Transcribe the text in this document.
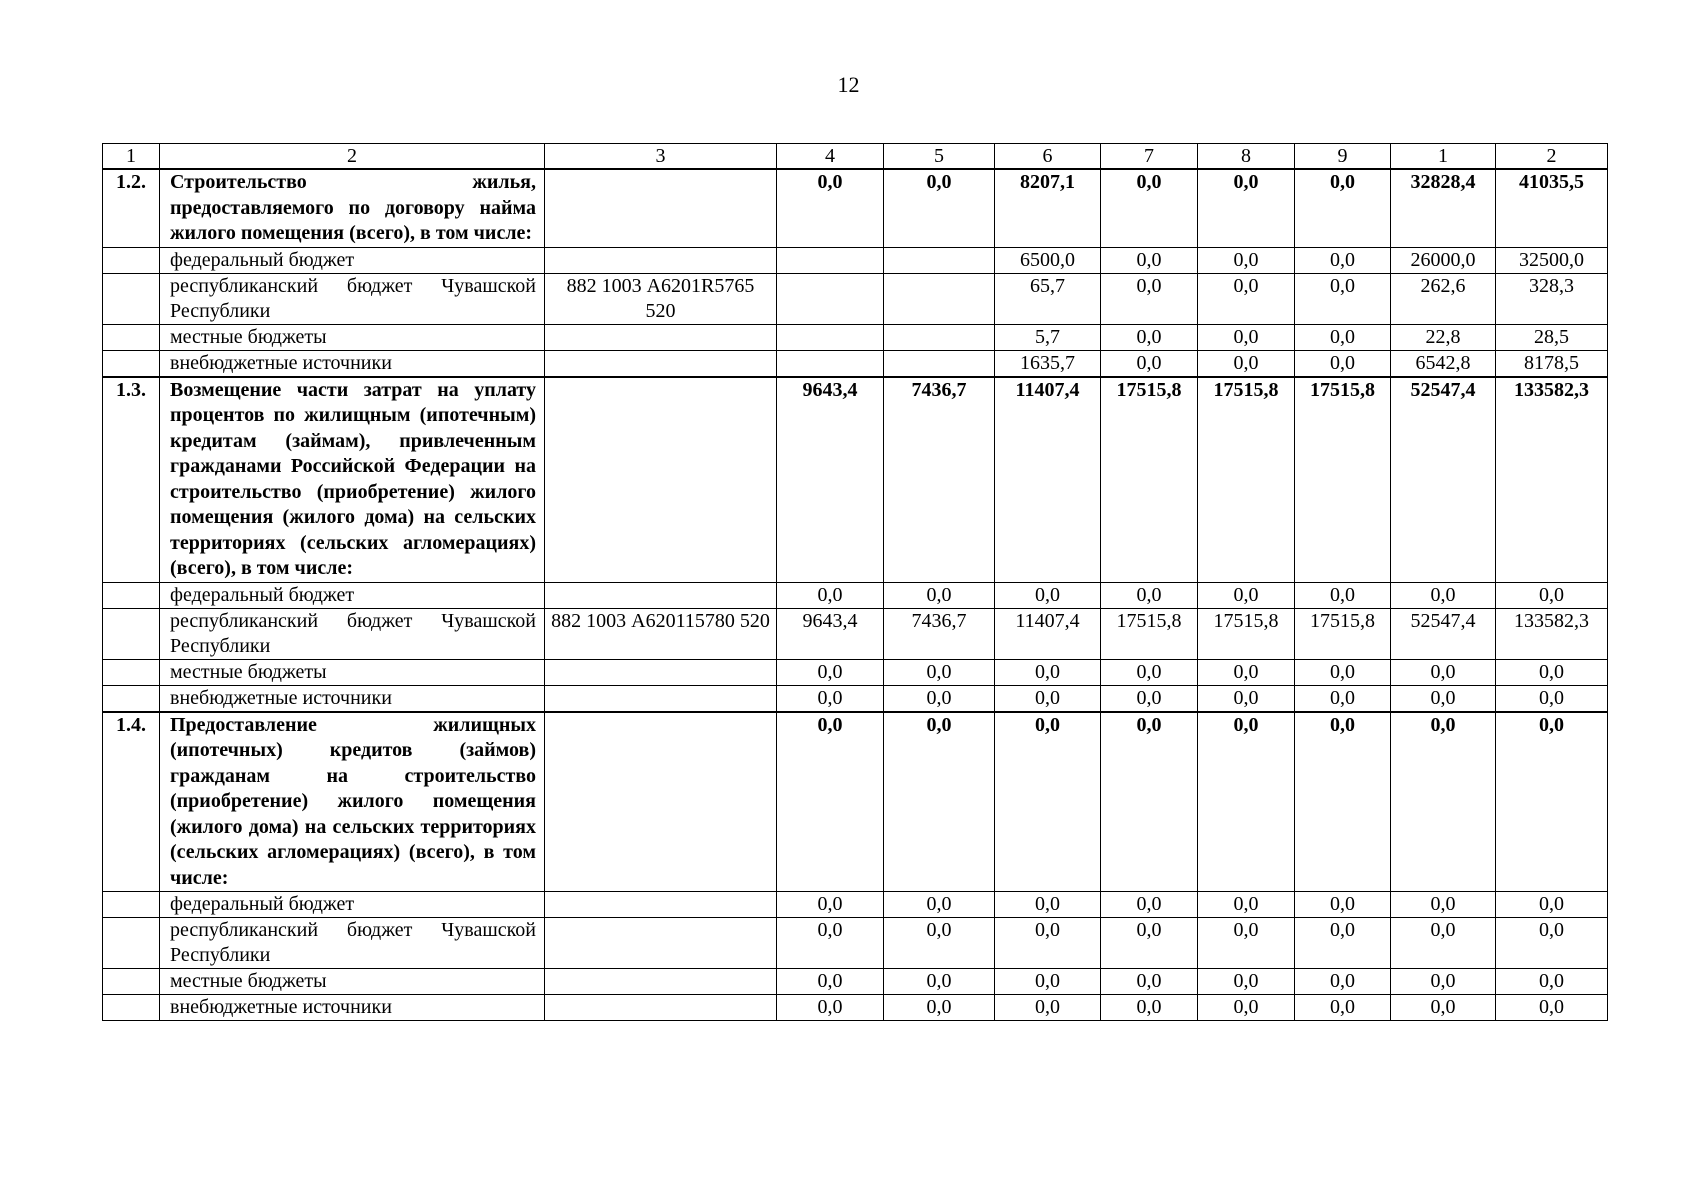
12
1	2	3	4	5	6	7	8	9	1	2
1.2.	Строительство жилья, предоставляемого по договору найма жилого помещения (всего), в том числе:		0,0	0,0	8207,1	0,0	0,0	0,0	32828,4	41035,5
	федеральный бюджет				6500,0	0,0	0,0	0,0	26000,0	32500,0
	республиканский бюджет Чувашской Республики	882 1003 А6201R5765 520			65,7	0,0	0,0	0,0	262,6	328,3
	местные бюджеты				5,7	0,0	0,0	0,0	22,8	28,5
	внебюджетные источники				1635,7	0,0	0,0	0,0	6542,8	8178,5
1.3.	Возмещение части затрат на уплату процентов по жилищным (ипотечным) кредитам (займам), привлеченным гражданами Российской Федерации на строительство (приобретение) жилого помещения (жилого дома) на сельских территориях (сельских агломерациях) (всего), в том числе:		9643,4	7436,7	11407,4	17515,8	17515,8	17515,8	52547,4	133582,3
	федеральный бюджет		0,0	0,0	0,0	0,0	0,0	0,0	0,0	0,0
	республиканский бюджет Чувашской Республики	882 1003 А620115780 520	9643,4	7436,7	11407,4	17515,8	17515,8	17515,8	52547,4	133582,3
	местные бюджеты		0,0	0,0	0,0	0,0	0,0	0,0	0,0	0,0
	внебюджетные источники		0,0	0,0	0,0	0,0	0,0	0,0	0,0	0,0
1.4.	Предоставление жилищных (ипотечных) кредитов (займов) гражданам на строительство (приобретение) жилого помещения (жилого дома) на сельских территориях (сельских агломерациях) (всего), в том числе:		0,0	0,0	0,0	0,0	0,0	0,0	0,0	0,0
	федеральный бюджет		0,0	0,0	0,0	0,0	0,0	0,0	0,0	0,0
	республиканский бюджет Чувашской Республики		0,0	0,0	0,0	0,0	0,0	0,0	0,0	0,0
	местные бюджеты		0,0	0,0	0,0	0,0	0,0	0,0	0,0	0,0
	внебюджетные источники		0,0	0,0	0,0	0,0	0,0	0,0	0,0	0,0
